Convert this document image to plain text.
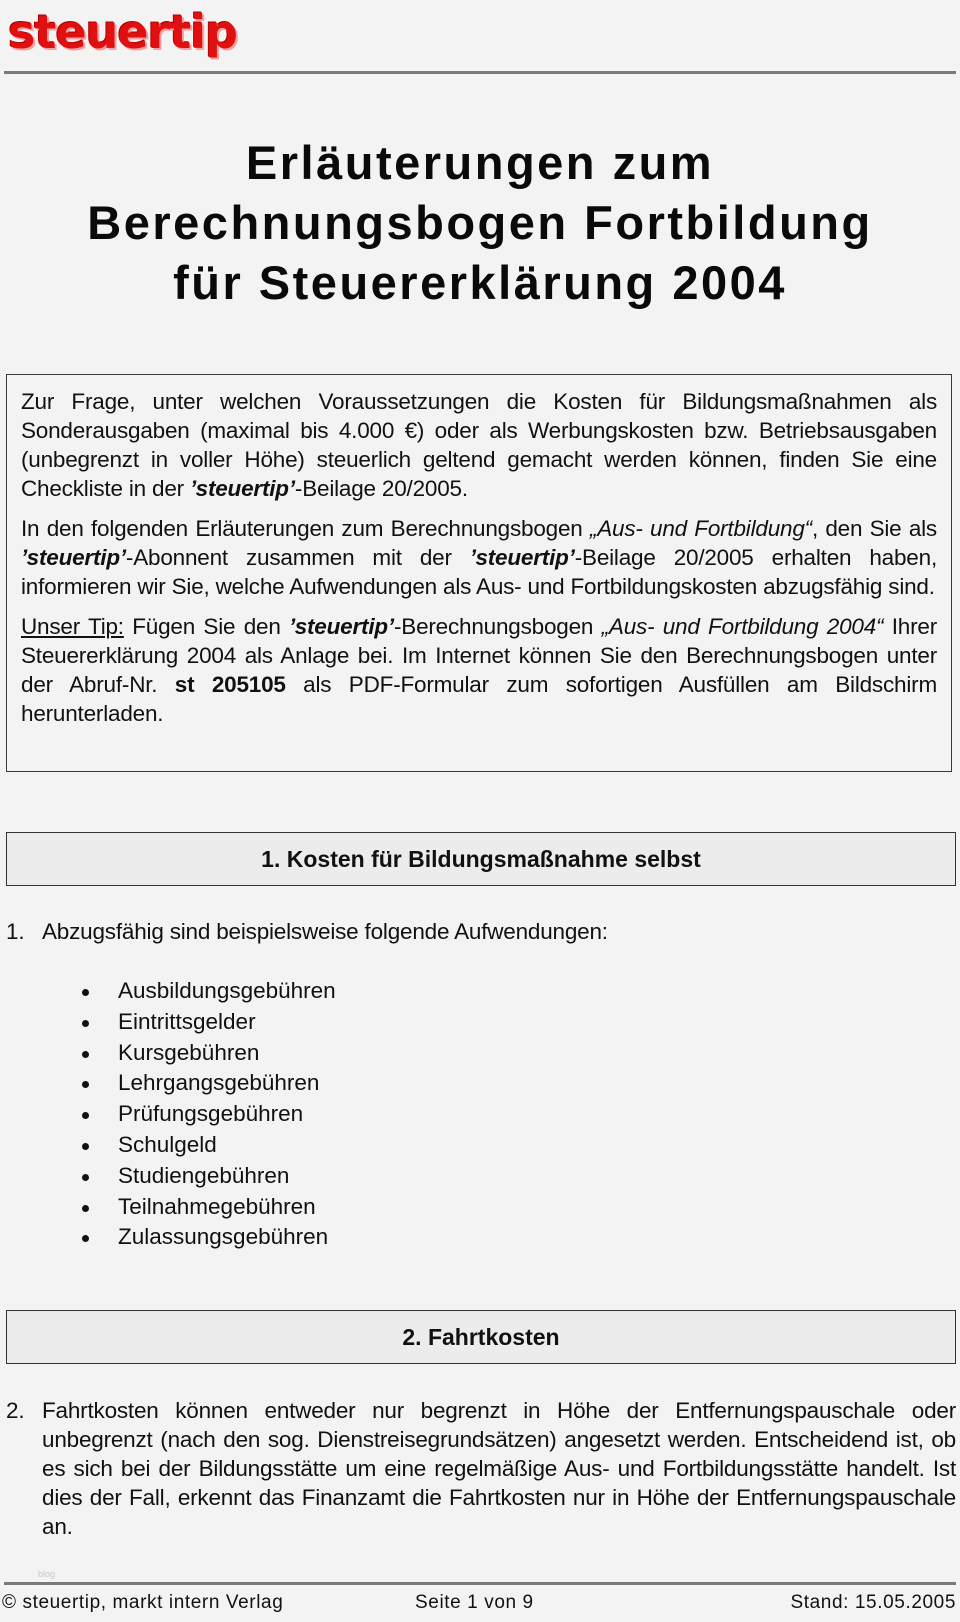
steuertip
Erläuterungen zum
Berechnungsbogen Fortbildung
für Steuererklärung 2004

Zur Frage, unter welchen Voraussetzungen die Kosten für Bildungsmaßnahmen als Sonderausgaben (maximal bis 4.000 €) oder als Werbungskosten bzw. Betriebsausgaben (unbegrenzt in voller Höhe) steuerlich geltend gemacht werden können, finden Sie eine Checkliste in der ’steuertip’-Beilage 20/2005.

In den folgenden Erläuterungen zum Berechnungsbogen „Aus- und Fortbildung“, den Sie als ’steuertip’-Abonnent zusammen mit der ’steuertip’-Beilage 20/2005 erhalten haben, informieren wir Sie, welche Aufwendungen als Aus- und Fortbildungskosten abzugsfähig sind.

Unser Tip: Fügen Sie den ’steuertip’-Berechnungsbogen „Aus- und Fortbildung 2004“ Ihrer Steuererklärung 2004 als Anlage bei. Im Internet können Sie den Berechnungsbogen unter der Abruf-Nr. st 205105 als PDF-Formular zum sofortigen Ausfüllen am Bildschirm herunterladen.

1. Kosten für Bildungsmaßnahme selbst
1. Abzugsfähig sind beispielsweise folgende Aufwendungen:
Ausbildungsgebühren
Eintrittsgelder
Kursgebühren
Lehrgangsgebühren
Prüfungsgebühren
Schulgeld
Studiengebühren
Teilnahmegebühren
Zulassungsgebühren
2. Fahrtkosten
2. Fahrtkosten können entweder nur begrenzt in Höhe der Entfernungspauschale oder unbegrenzt (nach den sog. Dienstreisegrundsätzen) angesetzt werden. Entscheidend ist, ob es sich bei der Bildungsstätte um eine regelmäßige Aus- und Fortbildungsstätte handelt. Ist dies der Fall, erkennt das Finanzamt die Fahrtkosten nur in Höhe der Entfernungspauschale an.
blog
© steuertip, markt intern Verlag	Seite 1 von 9	Stand: 15.05.2005
